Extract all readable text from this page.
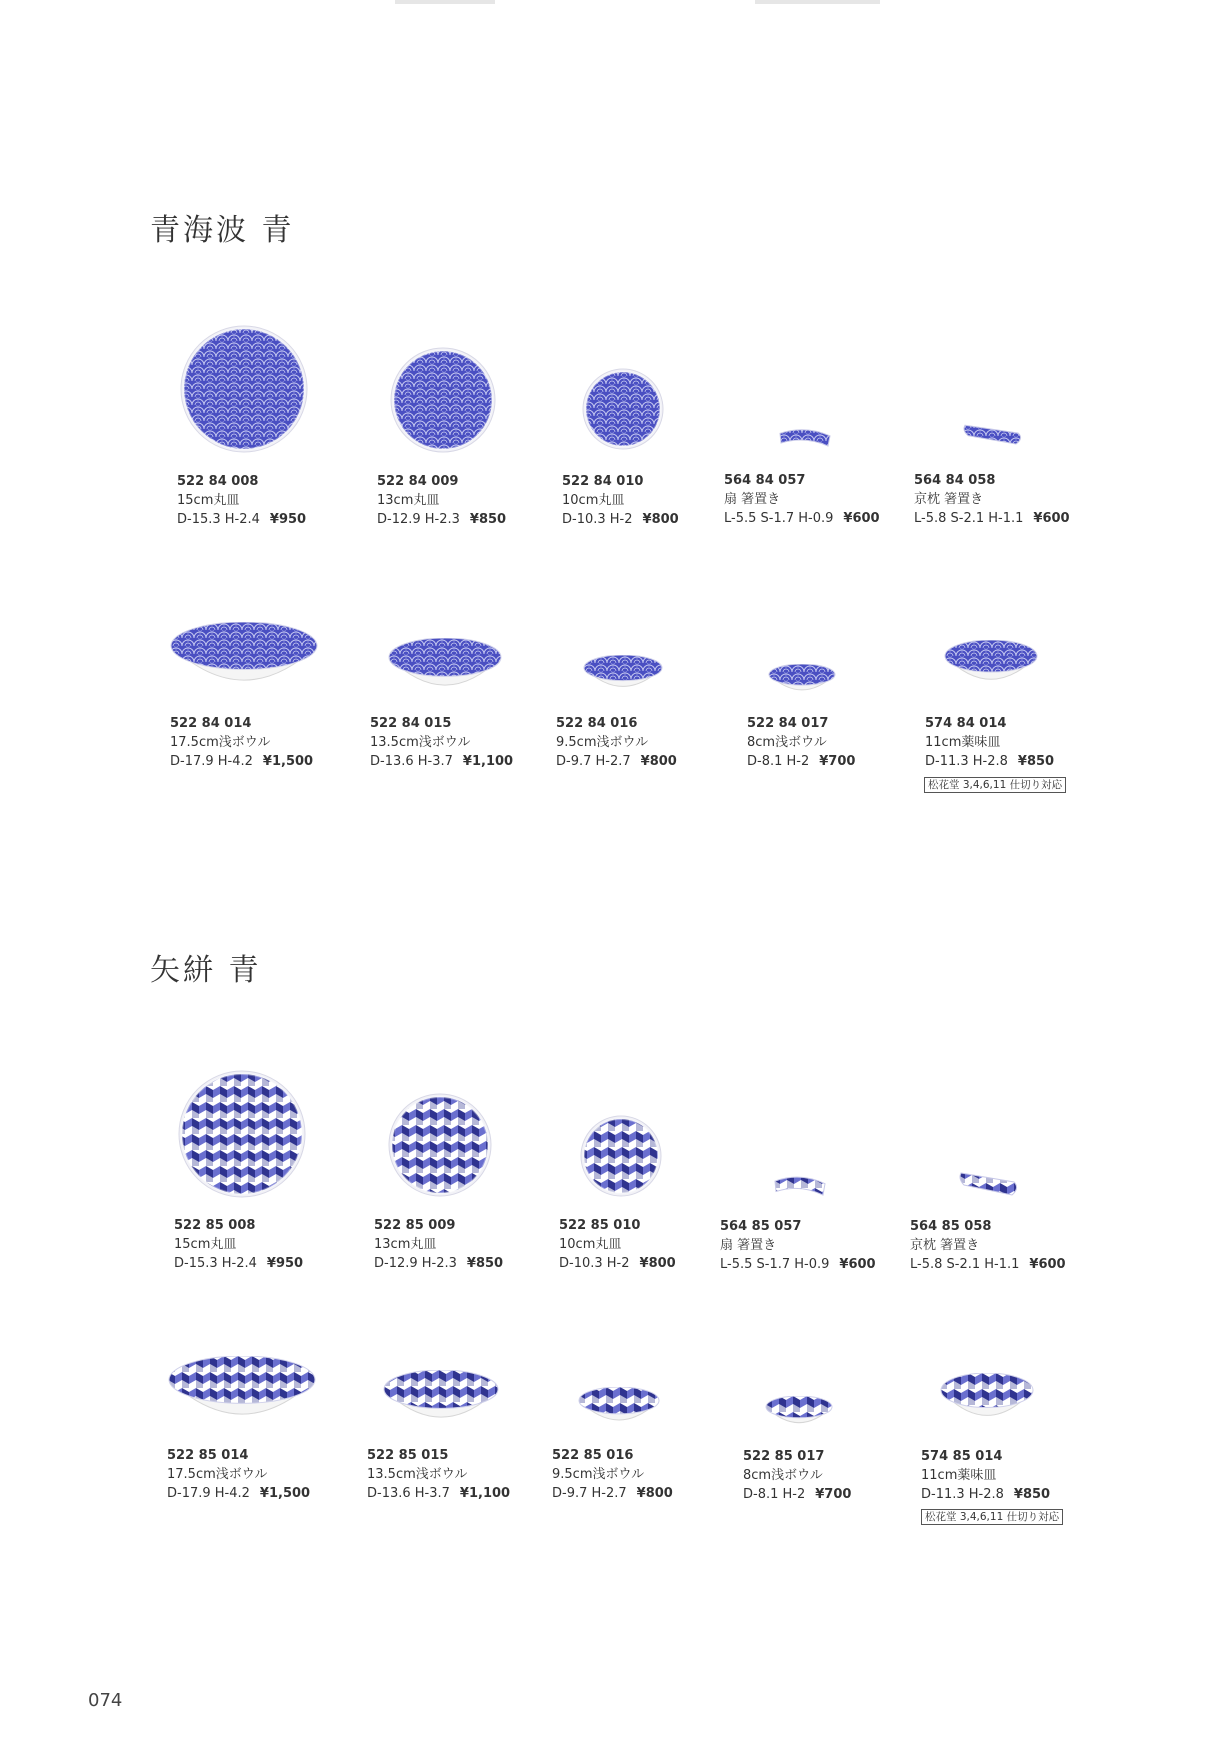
青海波 青
522 84 008
15cm丸皿
D-15.3 H-2.4 ¥950
522 84 009
13cm丸皿
D-12.9 H-2.3 ¥850
522 84 010
10cm丸皿
D-10.3 H-2 ¥800
564 84 057
扇 箸置き
L-5.5 S-1.7 H-0.9 ¥600
564 84 058
京枕 箸置き
L-5.8 S-2.1 H-1.1 ¥600
522 84 014
17.5cm浅ボウル
D-17.9 H-4.2 ¥1,500
522 84 015
13.5cm浅ボウル
D-13.6 H-3.7 ¥1,100
522 84 016
9.5cm浅ボウル
D-9.7 H-2.7 ¥800
522 84 017
8cm浅ボウル
D-8.1 H-2 ¥700
574 84 014
11cm薬味皿
D-11.3 H-2.8 ¥850
松花堂 3,4,6,11 仕切り対応
矢絣 青
522 85 008
15cm丸皿
D-15.3 H-2.4 ¥950
522 85 009
13cm丸皿
D-12.9 H-2.3 ¥850
522 85 010
10cm丸皿
D-10.3 H-2 ¥800
564 85 057
扇 箸置き
L-5.5 S-1.7 H-0.9 ¥600
564 85 058
京枕 箸置き
L-5.8 S-2.1 H-1.1 ¥600
522 85 014
17.5cm浅ボウル
D-17.9 H-4.2 ¥1,500
522 85 015
13.5cm浅ボウル
D-13.6 H-3.7 ¥1,100
522 85 016
9.5cm浅ボウル
D-9.7 H-2.7 ¥800
522 85 017
8cm浅ボウル
D-8.1 H-2 ¥700
574 85 014
11cm薬味皿
D-11.3 H-2.8 ¥850
松花堂 3,4,6,11 仕切り対応
074
